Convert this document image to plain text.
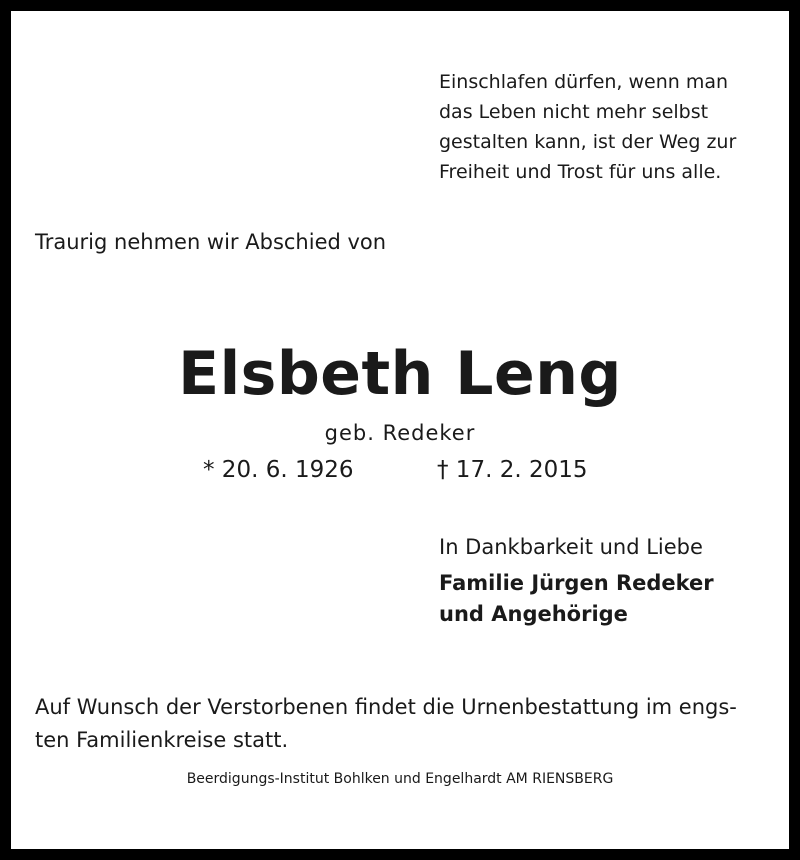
Einschlafen dürfen, wenn man
das Leben nicht mehr selbst
gestalten kann, ist der Weg zur
Freiheit und Trost für uns alle.
Traurig nehmen wir Abschied von
Elsbeth Leng
geb. Redeker
* 20. 6. 1926	† 17. 2. 2015
In Dankbarkeit und Liebe
Familie Jürgen Redeker
und Angehörige
Auf Wunsch der Verstorbenen findet die Urnenbestattung im engs-
ten Familienkreise statt.
Beerdigungs-Institut Bohlken und Engelhardt AM RIENSBERG
